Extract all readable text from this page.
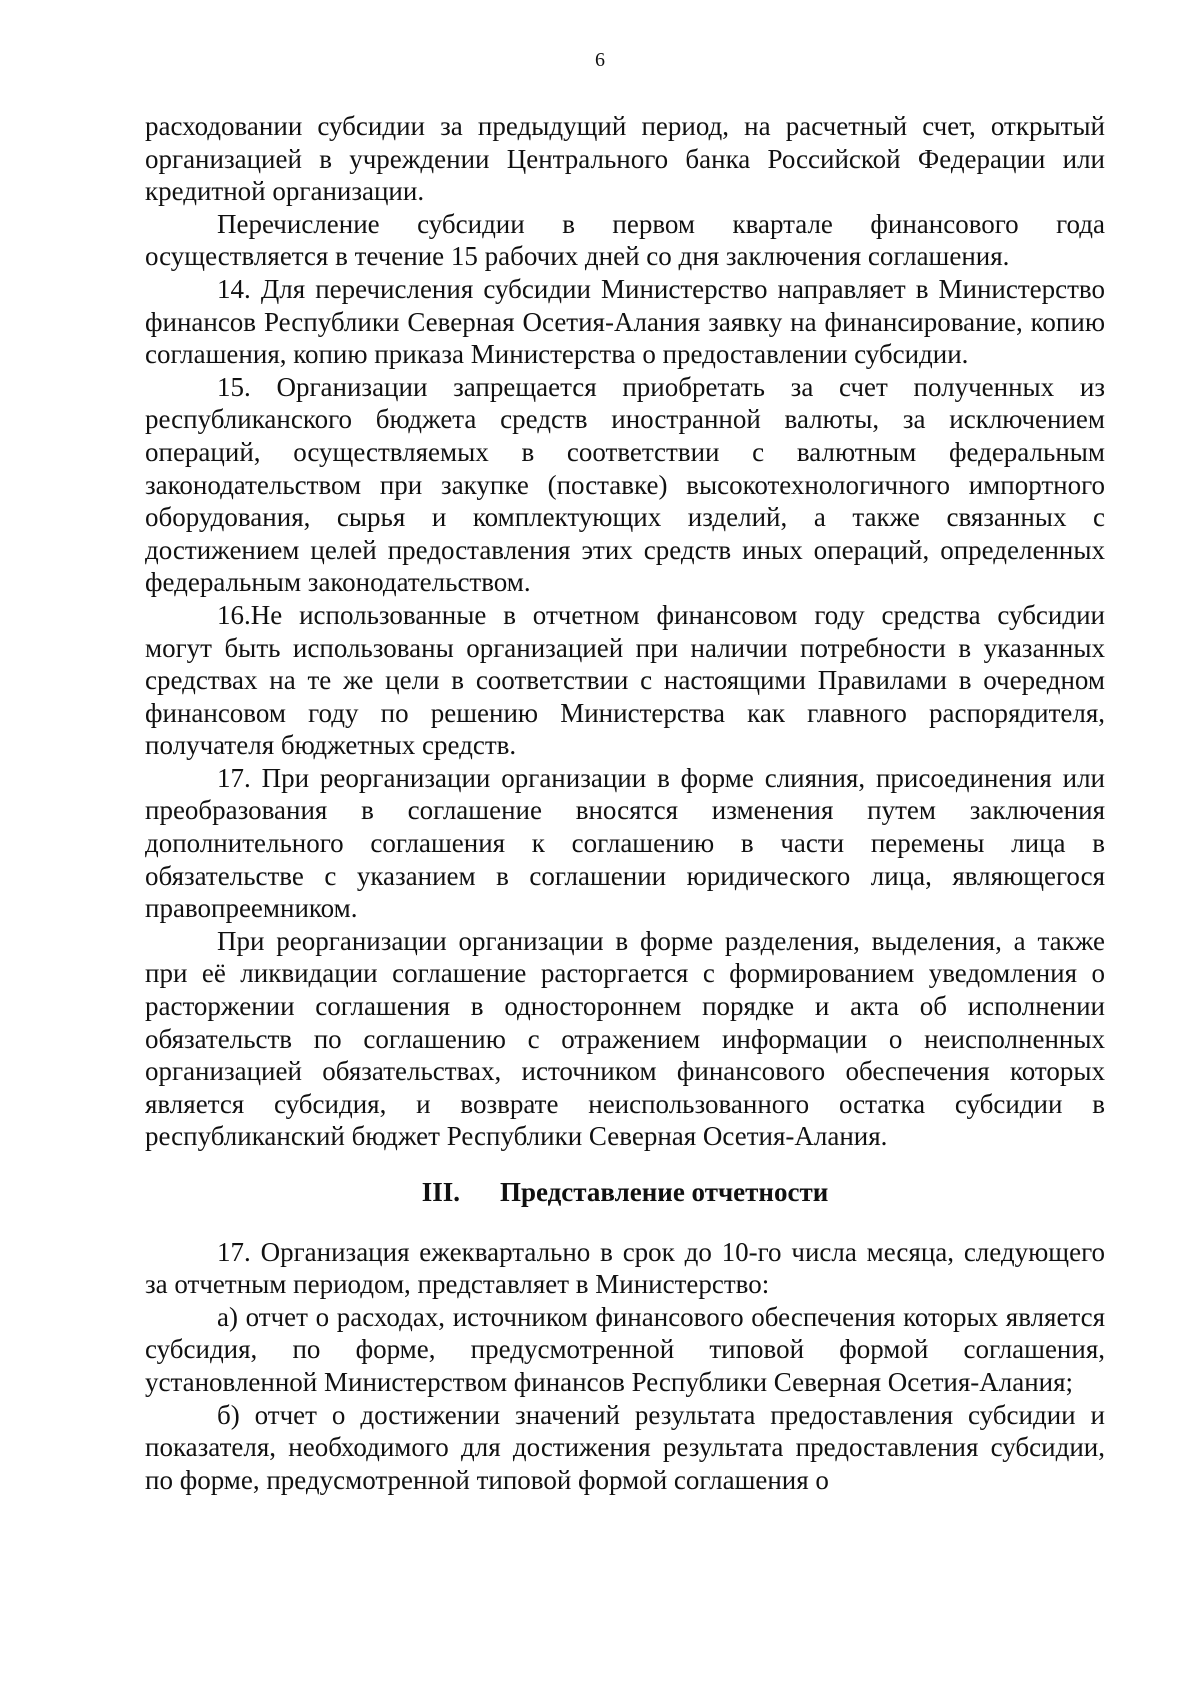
6

расходовании субсидии за предыдущий период, на расчетный счет, открытый организацией в учреждении Центрального банка Российской Федерации или кредитной организации.

Перечисление субсидии в первом квартале финансового года осуществляется в течение 15 рабочих дней со дня заключения соглашения.

14. Для перечисления субсидии Министерство направляет в Министерство финансов Республики Северная Осетия-Алания заявку на финансирование, копию соглашения, копию приказа Министерства о предоставлении субсидии.

15. Организации запрещается приобретать за счет полученных из республиканского бюджета средств иностранной валюты, за исключением операций, осуществляемых в соответствии с валютным федеральным законодательством при закупке (поставке) высокотехнологичного импортного оборудования, сырья и комплектующих изделий, а также связанных с достижением целей предоставления этих средств иных операций, определенных федеральным законодательством.

16.Не использованные в отчетном финансовом году средства субсидии могут быть использованы организацией при наличии потребности в указанных средствах на те же цели в соответствии с настоящими Правилами в очередном финансовом году по решению Министерства как главного распорядителя, получателя бюджетных средств.

17. При реорганизации организации в форме слияния, присоединения или преобразования в соглашение вносятся изменения путем заключения дополнительного соглашения к соглашению в части перемены лица в обязательстве с указанием в соглашении юридического лица, являющегося правопреемником.

При реорганизации организации в форме разделения, выделения, а также при её ликвидации соглашение расторгается с формированием уведомления о расторжении соглашения в одностороннем порядке и акта об исполнении обязательств по соглашению с отражением информации о неисполненных организацией обязательствах, источником финансового обеспечения которых является субсидия, и возврате неиспользованного остатка субсидии в республиканский бюджет Республики Северная Осетия-Алания.

III. Представление отчетности

17. Организация ежеквартально в срок до 10-го числа месяца, следующего за отчетным периодом, представляет в Министерство:

а) отчет о расходах, источником финансового обеспечения которых является субсидия, по форме, предусмотренной типовой формой соглашения, установленной Министерством финансов Республики Северная Осетия-Алания;

б) отчет о достижении значений результата предоставления субсидии и показателя, необходимого для достижения результата предоставления субсидии, по форме, предусмотренной типовой формой соглашения о
